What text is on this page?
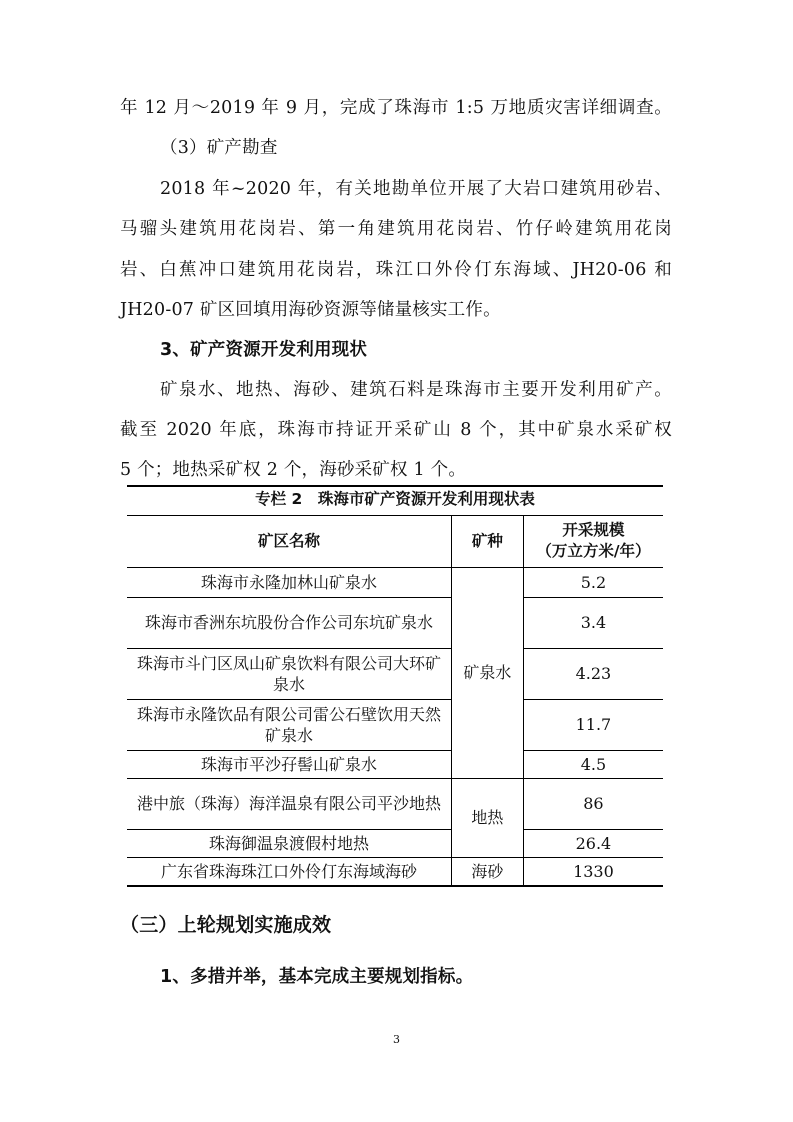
年 12 月～2019 年 9 月，完成了珠海市 1:5 万地质灾害详细调查。
（3）矿产勘查
2018 年~2020 年，有关地勘单位开展了大岩口建筑用砂岩、
马骝头建筑用花岗岩、第一角建筑用花岗岩、竹仔岭建筑用花岗
岩、白蕉冲口建筑用花岗岩，珠江口外伶仃东海域、JH20-06 和
JH20-07 矿区回填用海砂资源等储量核实工作。
3、矿产资源开发利用现状
矿泉水、地热、海砂、建筑石料是珠海市主要开发利用矿产。
截至 2020 年底，珠海市持证开采矿山 8 个，其中矿泉水采矿权
5 个；地热采矿权 2 个，海砂采矿权 1 个。
专栏 2　珠海市矿产资源开发利用现状表
矿区名称	矿种	开采规模
（万立方米/年）

珠海市永隆加林山矿泉水	矿泉水	5.2
珠海市香洲东坑股份合作公司东坑矿泉水		3.4
珠海市斗门区凤山矿泉饮料有限公司大环矿泉水		4.23
珠海市永隆饮品有限公司雷公石壁饮用天然矿泉水		11.7
珠海市平沙孖髻山矿泉水		4.5
港中旅（珠海）海洋温泉有限公司平沙地热	地热	86
珠海御温泉渡假村地热		26.4
广东省珠海珠江口外伶仃东海域海砂	海砂	1330
（三）上轮规划实施成效
1、多措并举，基本完成主要规划指标。
3
